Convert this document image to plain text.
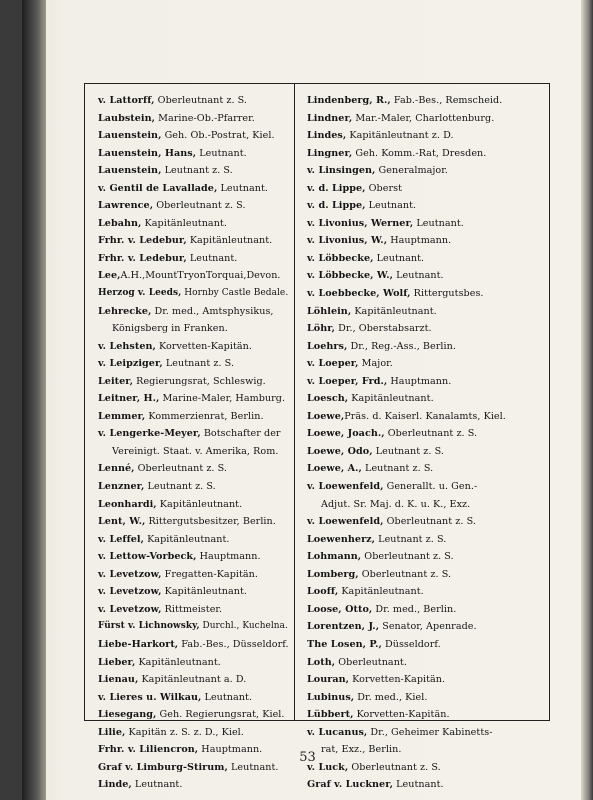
v. Lattorff, Oberleutnant z. S.
Laubstein, Marine-Ob.-Pfarrer.
Lauenstein, Geh. Ob.-Postrat, Kiel.
Lauenstein, Hans, Leutnant.
Lauenstein, Leutnant z. S.
v. Gentil de Lavallade, Leutnant.
Lawrence, Oberleutnant z. S.
Lebahn, Kapitänleutnant.
Frhr. v. Ledebur, Kapitänleutnant.
Frhr. v. Ledebur, Leutnant.
Lee,A.H.,MountTryonTorquai,Devon.
Herzog v. Leeds, Hornby Castle Bedale.
Lehrecke, Dr. med., Amtsphysikus,
Königsberg in Franken.
v. Lehsten, Korvetten-Kapitän.
v. Leipziger, Leutnant z. S.
Leiter, Regierungsrat, Schleswig.
Leitner, H., Marine-Maler, Hamburg.
Lemmer, Kommerzienrat, Berlin.
v. Lengerke-Meyer, Botschafter der
Vereinigt. Staat. v. Amerika, Rom.
Lenné, Oberleutnant z. S.
Lenzner, Leutnant z. S.
Leonhardi, Kapitänleutnant.
Lent, W., Rittergutsbesitzer, Berlin.
v. Leffel, Kapitänleutnant.
v. Lettow-Vorbeck, Hauptmann.
v. Levetzow, Fregatten-Kapitän.
v. Levetzow, Kapitänleutnant.
v. Levetzow, Rittmeister.
Fürst v. Lichnowsky, Durchl., Kuchelna.
Liebe-Harkort, Fab.-Bes., Düsseldorf.
Lieber, Kapitänleutnant.
Lienau, Kapitänleutnant a. D.
v. Lieres u. Wilkau, Leutnant.
Liesegang, Geh. Regierungsrat, Kiel.
Lilie, Kapitän z. S. z. D., Kiel.
Frhr. v. Liliencron, Hauptmann.
Graf v. Limburg-Stirum, Leutnant.
Linde, Leutnant.
Lindenberg, R., Fab.-Bes., Remscheid.
Lindner, Mar.-Maler, Charlottenburg.
Lindes, Kapitänleutnant z. D.
Lingner, Geh. Komm.-Rat, Dresden.
v. Linsingen, Generalmajor.
v. d. Lippe, Oberst
v. d. Lippe, Leutnant.
v. Livonius, Werner, Leutnant.
v. Livonius, W., Hauptmann.
v. Löbbecke, Leutnant.
v. Löbbecke, W., Leutnant.
v. Loebbecke, Wolf, Rittergutsbes.
Löhlein, Kapitänleutnant.
Löhr, Dr., Oberstabsarzt.
Loehrs, Dr., Reg.-Ass., Berlin.
v. Loeper, Major.
v. Loeper, Frd., Hauptmann.
Loesch, Kapitänleutnant.
Loewe,Präs. d. Kaiserl. Kanalamts, Kiel.
Loewe, Joach., Oberleutnant z. S.
Loewe, Odo, Leutnant z. S.
Loewe, A., Leutnant z. S.
v. Loewenfeld, Generallt. u. Gen.-
Adjut. Sr. Maj. d. K. u. K., Exz.
v. Loewenfeld, Oberleutnant z. S.
Loewenherz, Leutnant z. S.
Lohmann, Oberleutnant z. S.
Lomberg, Oberleutnant z. S.
Looff, Kapitänleutnant.
Loose, Otto, Dr. med., Berlin.
Lorentzen, J., Senator, Apenrade.
The Losen, P., Düsseldorf.
Loth, Oberleutnant.
Louran, Korvetten-Kapitän.
Lubinus, Dr. med., Kiel.
Lübbert, Korvetten-Kapitän.
v. Lucanus, Dr., Geheimer Kabinetts-
rat, Exz., Berlin.
v. Luck, Oberleutnant z. S.
Graf v. Luckner, Leutnant.
53
